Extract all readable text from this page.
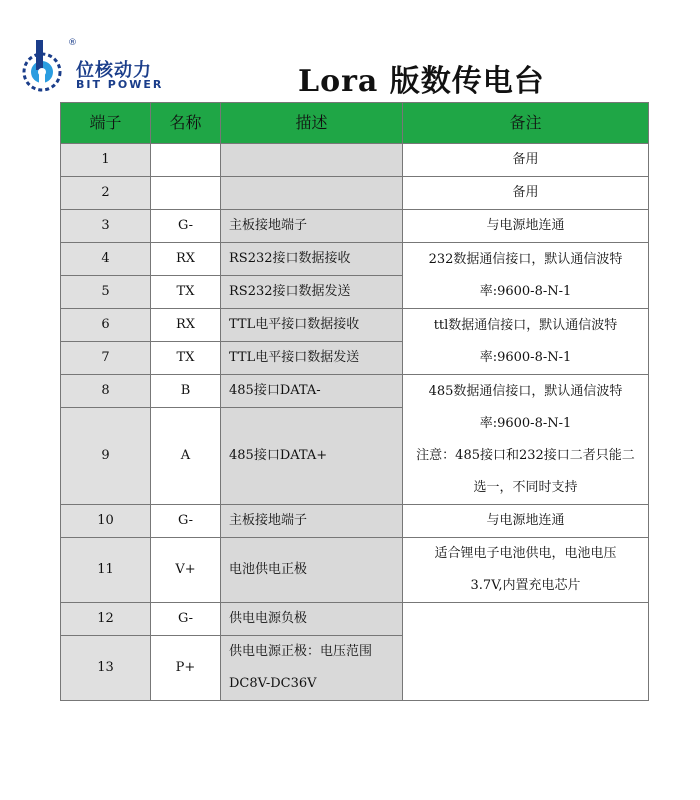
®
位核动力
BIT POWER	Lora 版数传电台
端子	名称	描述	备注
1			备用
2			备用
3	G-	主板接地端子	与电源地连通
4	RX	RS232接口数据接收	232数据通信接口，默认通信波特
率:9600-8-N-1

5	TX	RS232接口数据发送	
6	RX	TTL电平接口数据接收	ttl数据通信接口，默认通信波特
率:9600-8-N-1

7	TX	TTL电平接口数据发送	
8	B	485接口DATA-	485数据通信接口，默认通信波特
率:9600-8-N-1
注意：485接口和232接口二者只能二
选一，不同时支持

9	A	485接口DATA+	
10	G-	主板接地端子	与电源地连通
11	V+	电池供电正极	适合锂电子电池供电，电池电压
3.7V,内置充电芯片

12	G-	供电电源负极	
13	P+	供电电源正极：电压范围
DC8V-DC36V	
